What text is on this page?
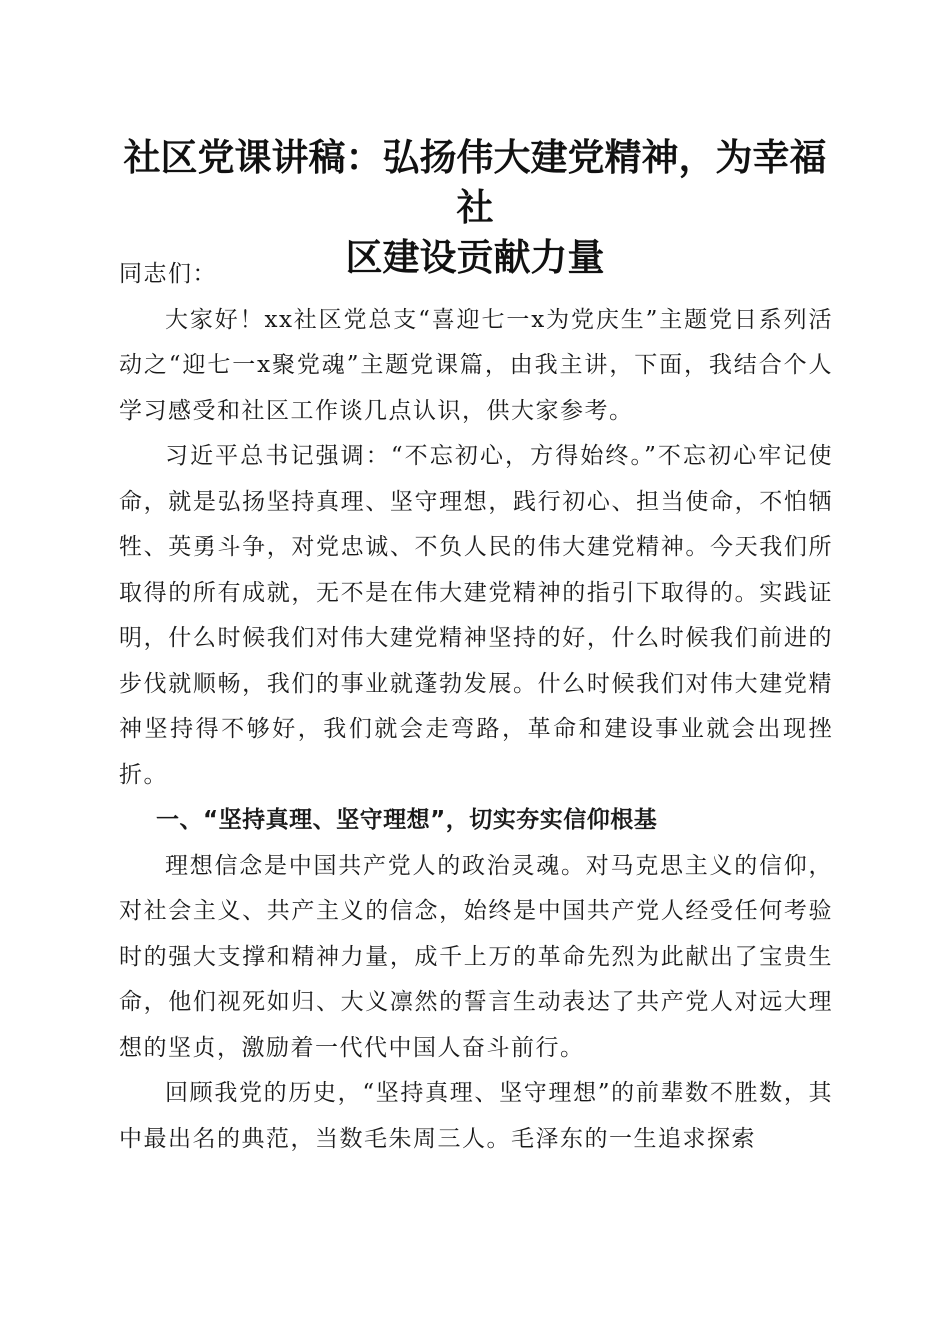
社区党课讲稿：弘扬伟大建党精神，为幸福社
区建设贡献力量

同志们：

大家好！xx社区党总支“喜迎七一x为党庆生”主题党日系列活动之“迎七一x聚党魂”主题党课篇，由我主讲，下面，我结合个人学习感受和社区工作谈几点认识，供大家参考。

习近平总书记强调：“不忘初心，方得始终。”不忘初心牢记使命，就是弘扬坚持真理、坚守理想，践行初心、担当使命，不怕牺牲、英勇斗争，对党忠诚、不负人民的伟大建党精神。今天我们所取得的所有成就，无不是在伟大建党精神的指引下取得的。实践证明，什么时候我们对伟大建党精神坚持的好，什么时候我们前进的步伐就顺畅，我们的事业就蓬勃发展。什么时候我们对伟大建党精神坚持得不够好，我们就会走弯路，革命和建设事业就会出现挫折。

一、“坚持真理、坚守理想”，切实夯实信仰根基

理想信念是中国共产党人的政治灵魂。对马克思主义的信仰，对社会主义、共产主义的信念，始终是中国共产党人经受任何考验时的强大支撑和精神力量，成千上万的革命先烈为此献出了宝贵生命，他们视死如归、大义凛然的誓言生动表达了共产党人对远大理想的坚贞，激励着一代代中国人奋斗前行。

回顾我党的历史，“坚持真理、坚守理想”的前辈数不胜数，其中最出名的典范，当数毛朱周三人。毛泽东的一生追求探索
